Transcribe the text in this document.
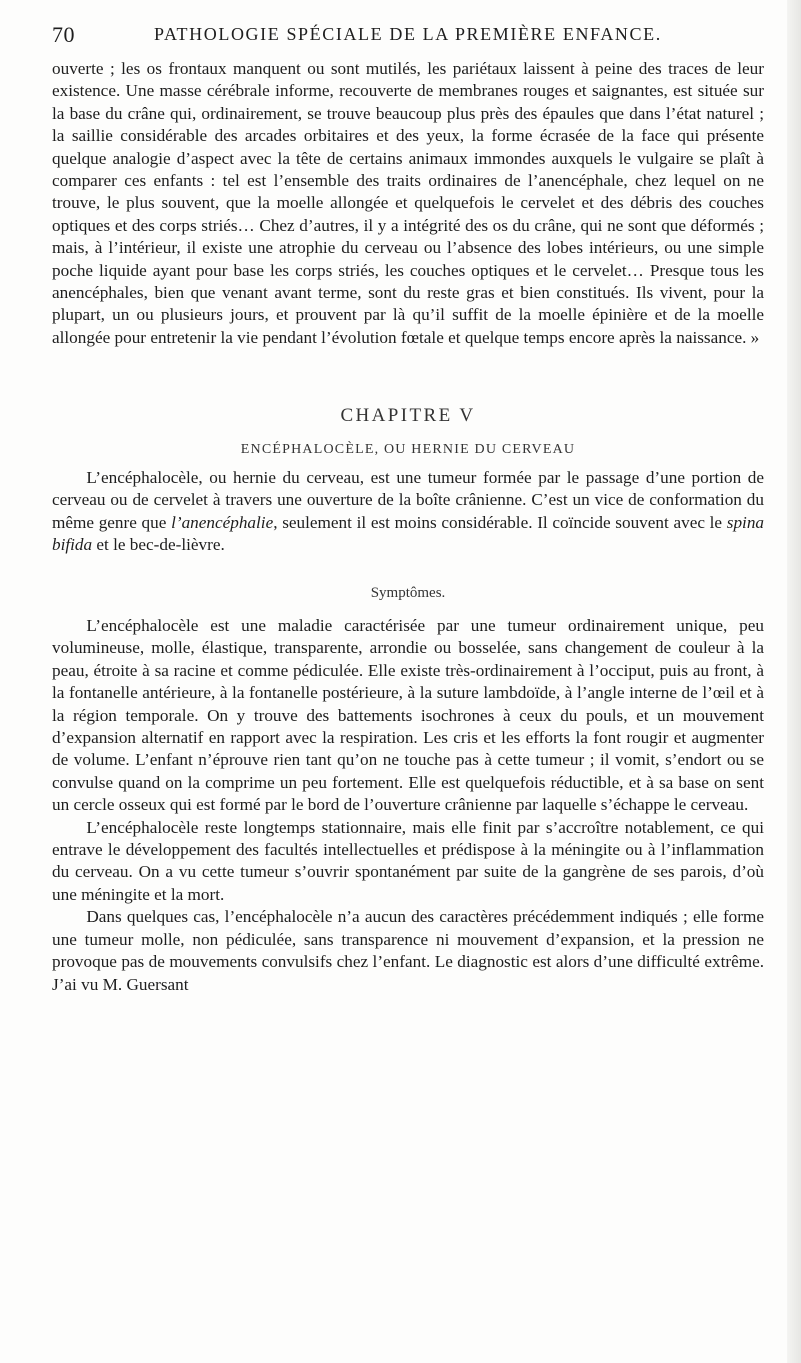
70	PATHOLOGIE SPÉCIALE DE LA PREMIÈRE ENFANCE.

ouverte ; les os frontaux manquent ou sont mutilés, les pariétaux laissent à peine des traces de leur existence. Une masse cérébrale informe, recouverte de membranes rouges et saignantes, est située sur la base du crâne qui, ordinairement, se trouve beaucoup plus près des épaules que dans l’état naturel ; la saillie considérable des arcades orbitaires et des yeux, la forme écrasée de la face qui présente quelque analogie d’aspect avec la tête de certains animaux immondes auxquels le vulgaire se plaît à comparer ces enfants : tel est l’ensemble des traits ordinaires de l’anencéphale, chez lequel on ne trouve, le plus souvent, que la moelle allongée et quelquefois le cervelet et des débris des couches optiques et des corps striés… Chez d’autres, il y a intégrité des os du crâne, qui ne sont que déformés ; mais, à l’intérieur, il existe une atrophie du cerveau ou l’absence des lobes intérieurs, ou une simple poche liquide ayant pour base les corps striés, les couches optiques et le cervelet… Presque tous les anencéphales, bien que venant avant terme, sont du reste gras et bien constitués. Ils vivent, pour la plupart, un ou plusieurs jours, et prouvent par là qu’il suffit de la moelle épinière et de la moelle allongée pour entretenir la vie pendant l’évolution fœtale et quelque temps encore après la naissance. »

CHAPITRE V
ENCÉPHALOCÈLE, OU HERNIE DU CERVEAU

L’encéphalocèle, ou hernie du cerveau, est une tumeur formée par le passage d’une portion de cerveau ou de cervelet à travers une ouverture de la boîte crânienne. C’est un vice de conformation du même genre que l’anencéphalie, seulement il est moins considérable. Il coïncide souvent avec le spina bifida et le bec-de-lièvre.

Symptômes.

L’encéphalocèle est une maladie caractérisée par une tumeur ordinairement unique, peu volumineuse, molle, élastique, transparente, arrondie ou bosselée, sans changement de couleur à la peau, étroite à sa racine et comme pédiculée. Elle existe très-ordinairement à l’occiput, puis au front, à la fontanelle antérieure, à la fontanelle postérieure, à la suture lambdoïde, à l’angle interne de l’œil et à la région temporale. On y trouve des battements isochrones à ceux du pouls, et un mouvement d’expansion alternatif en rapport avec la respiration. Les cris et les efforts la font rougir et augmenter de volume. L’enfant n’éprouve rien tant qu’on ne touche pas à cette tumeur ; il vomit, s’endort ou se convulse quand on la comprime un peu fortement. Elle est quelquefois réductible, et à sa base on sent un cercle osseux qui est formé par le bord de l’ouverture crânienne par laquelle s’échappe le cerveau.

L’encéphalocèle reste longtemps stationnaire, mais elle finit par s’accroître notablement, ce qui entrave le développement des facultés intellectuelles et prédispose à la méningite ou à l’inflammation du cerveau. On a vu cette tumeur s’ouvrir spontanément par suite de la gangrène de ses parois, d’où une méningite et la mort.

Dans quelques cas, l’encéphalocèle n’a aucun des caractères précédemment indiqués ; elle forme une tumeur molle, non pédiculée, sans transparence ni mouvement d’expansion, et la pression ne provoque pas de mouvements convulsifs chez l’enfant. Le diagnostic est alors d’une difficulté extrême. J’ai vu M. Guersant
